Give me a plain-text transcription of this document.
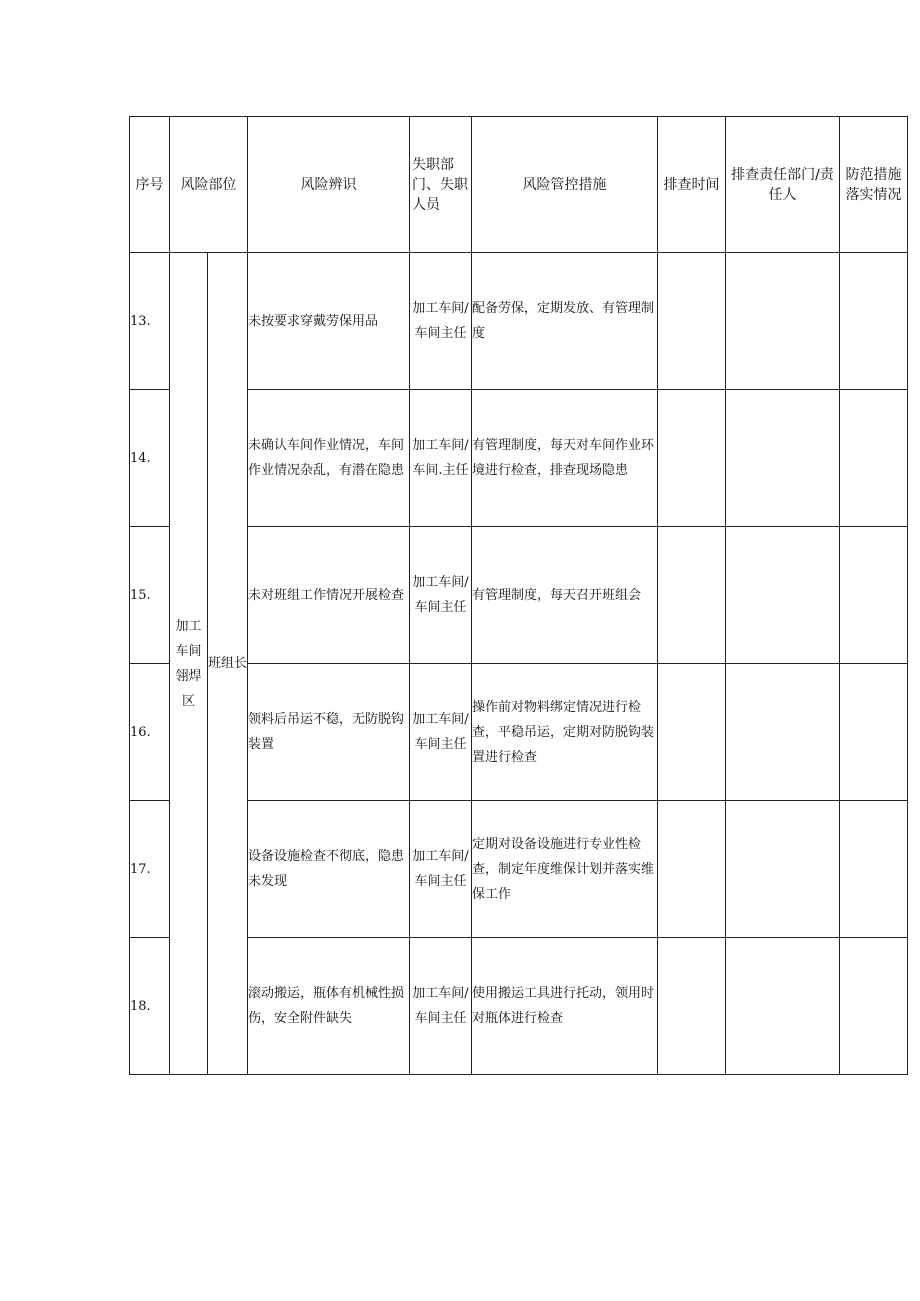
序号	风险部位		风险辨识	失职部门、失职人员	风险管控措施	排查时间	排查责任部门/责任人	防范措施落实情况
13.	加工车间翎焊区	班组长	未按要求穿戴劳保用品	加工车间/车间主任	配备劳保，定期发放、有管理制度			
14.			未确认车间作业情况，车间作业情况杂乱，有潜在隐患	加工车间/车间.主任	有管理制度，每天对车间作业环境进行检查，排查现场隐患			
15.			未对班组工作情况开展检查	加工车间/车间主任	有管理制度，每天召开班组会			
16.			领料后吊运不稳，无防脱钩装置	加工车间/车间主任	操作前对物料绑定情况进行检查，平稳吊运，定期对防脱钩装置进行检查			
17.			设备设施检查不彻底，隐患未发现	加工车间/车间主任	定期对设备设施进行专业性检查，制定年度维保计划并落实维保工作			
18.			滚动搬运，瓶体有机械性损伤，安全附件缺失	加工车间/车间主任	使用搬运工具进行托动，领用时对瓶体进行检查			
